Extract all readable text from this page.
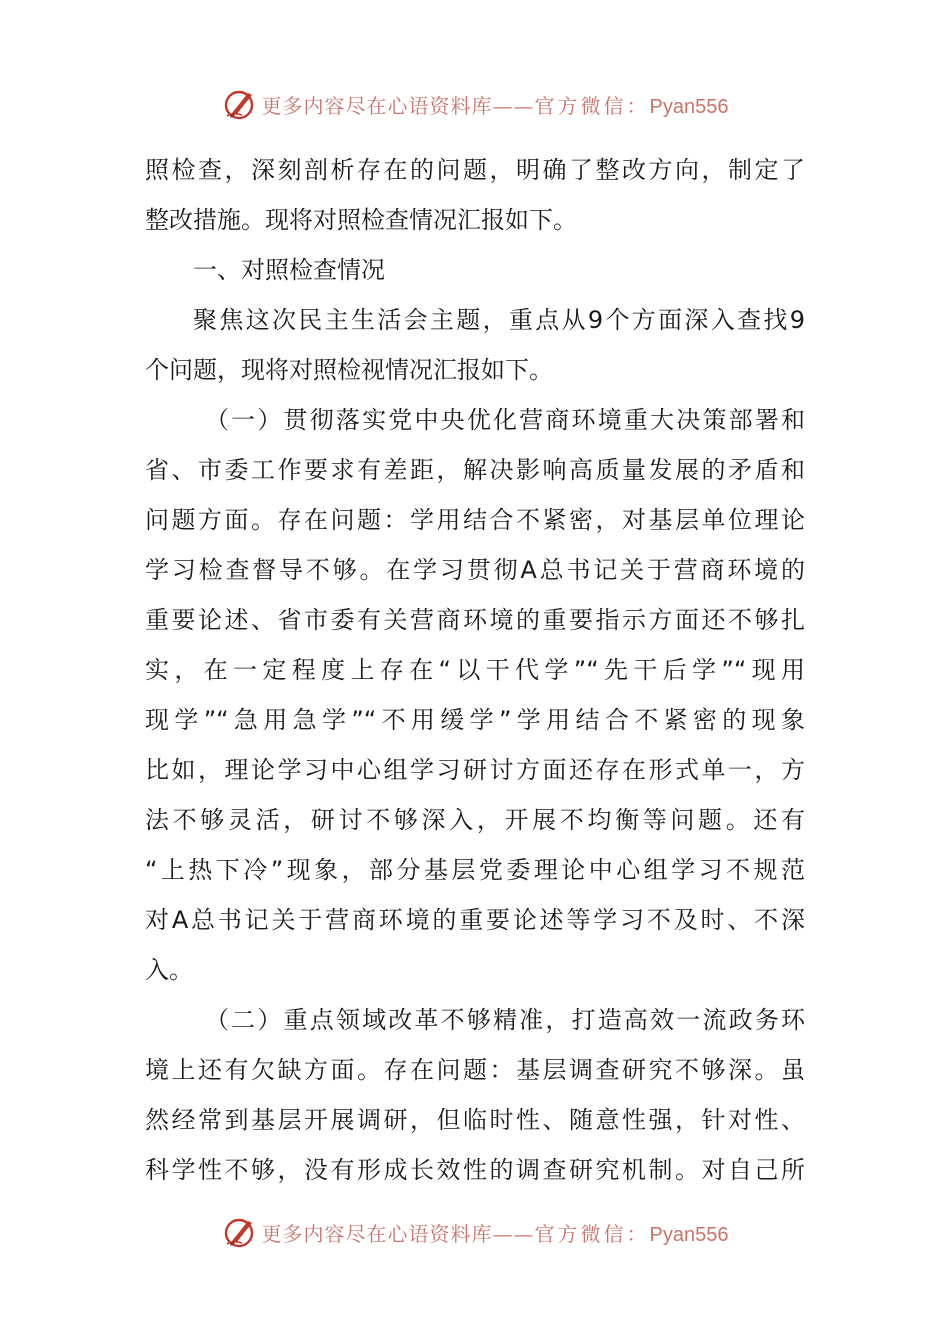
更多内容尽在心语资料库——官方微信：Pyan556
照检查，深刻剖析存在的问题，明确了整改方向，制定了
整改措施。现将对照检查情况汇报如下。
一、对照检查情况
聚焦这次民主生活会主题，重点从9个方面深入查找9
个问题，现将对照检视情况汇报如下。
（一）贯彻落实党中央优化营商环境重大决策部署和
省、市委工作要求有差距，解决影响高质量发展的矛盾和
问题方面。存在问题：学用结合不紧密，对基层单位理论
学习检查督导不够。在学习贯彻A总书记关于营商环境的
重要论述、省市委有关营商环境的重要指示方面还不够扎
实，在一定程度上存在“以干代学”“先干后学”“现用
现学”“急用急学”“不用缓学”学用结合不紧密的现象
比如，理论学习中心组学习研讨方面还存在形式单一，方
法不够灵活，研讨不够深入，开展不均衡等问题。还有
“上热下冷”现象，部分基层党委理论中心组学习不规范
对A总书记关于营商环境的重要论述等学习不及时、不深
入。
（二）重点领域改革不够精准，打造高效一流政务环
境上还有欠缺方面。存在问题：基层调查研究不够深。虽
然经常到基层开展调研，但临时性、随意性强，针对性、
科学性不够，没有形成长效性的调查研究机制。对自己所
更多内容尽在心语资料库——官方微信：Pyan556
